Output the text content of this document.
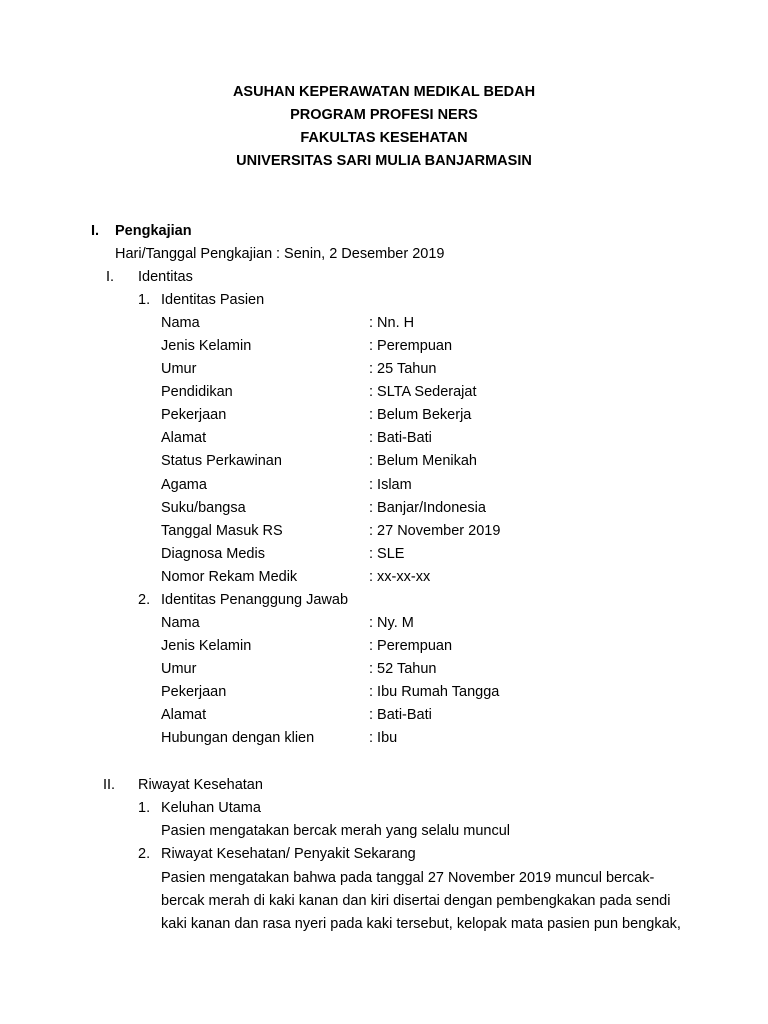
ASUHAN KEPERAWATAN MEDIKAL BEDAH
PROGRAM PROFESI NERS
FAKULTAS KESEHATAN
UNIVERSITAS SARI MULIA BANJARMASIN
I. Pengkajian
Hari/Tanggal Pengkajian : Senin, 2 Desember 2019
I. Identitas
1. Identitas Pasien
Nama	: Nn. H
Jenis Kelamin	: Perempuan
Umur	: 25 Tahun
Pendidikan	: SLTA Sederajat
Pekerjaan	: Belum Bekerja
Alamat	: Bati-Bati
Status Perkawinan	: Belum Menikah
Agama	: Islam
Suku/bangsa	: Banjar/Indonesia
Tanggal Masuk RS	: 27 November 2019
Diagnosa Medis	: SLE
Nomor Rekam Medik	: xx-xx-xx
2. Identitas Penanggung Jawab
Nama	: Ny. M
Jenis Kelamin	: Perempuan
Umur	: 52 Tahun
Pekerjaan	: Ibu Rumah Tangga
Alamat	: Bati-Bati
Hubungan dengan klien	: Ibu
II. Riwayat Kesehatan
1. Keluhan Utama
Pasien mengatakan bercak merah yang selalu muncul
2. Riwayat Kesehatan/ Penyakit Sekarang
Pasien mengatakan bahwa pada tanggal 27 November 2019 muncul bercak-
bercak merah di kaki kanan dan kiri disertai dengan pembengkakan pada sendi
kaki kanan dan rasa nyeri pada kaki tersebut, kelopak mata pasien pun bengkak,
